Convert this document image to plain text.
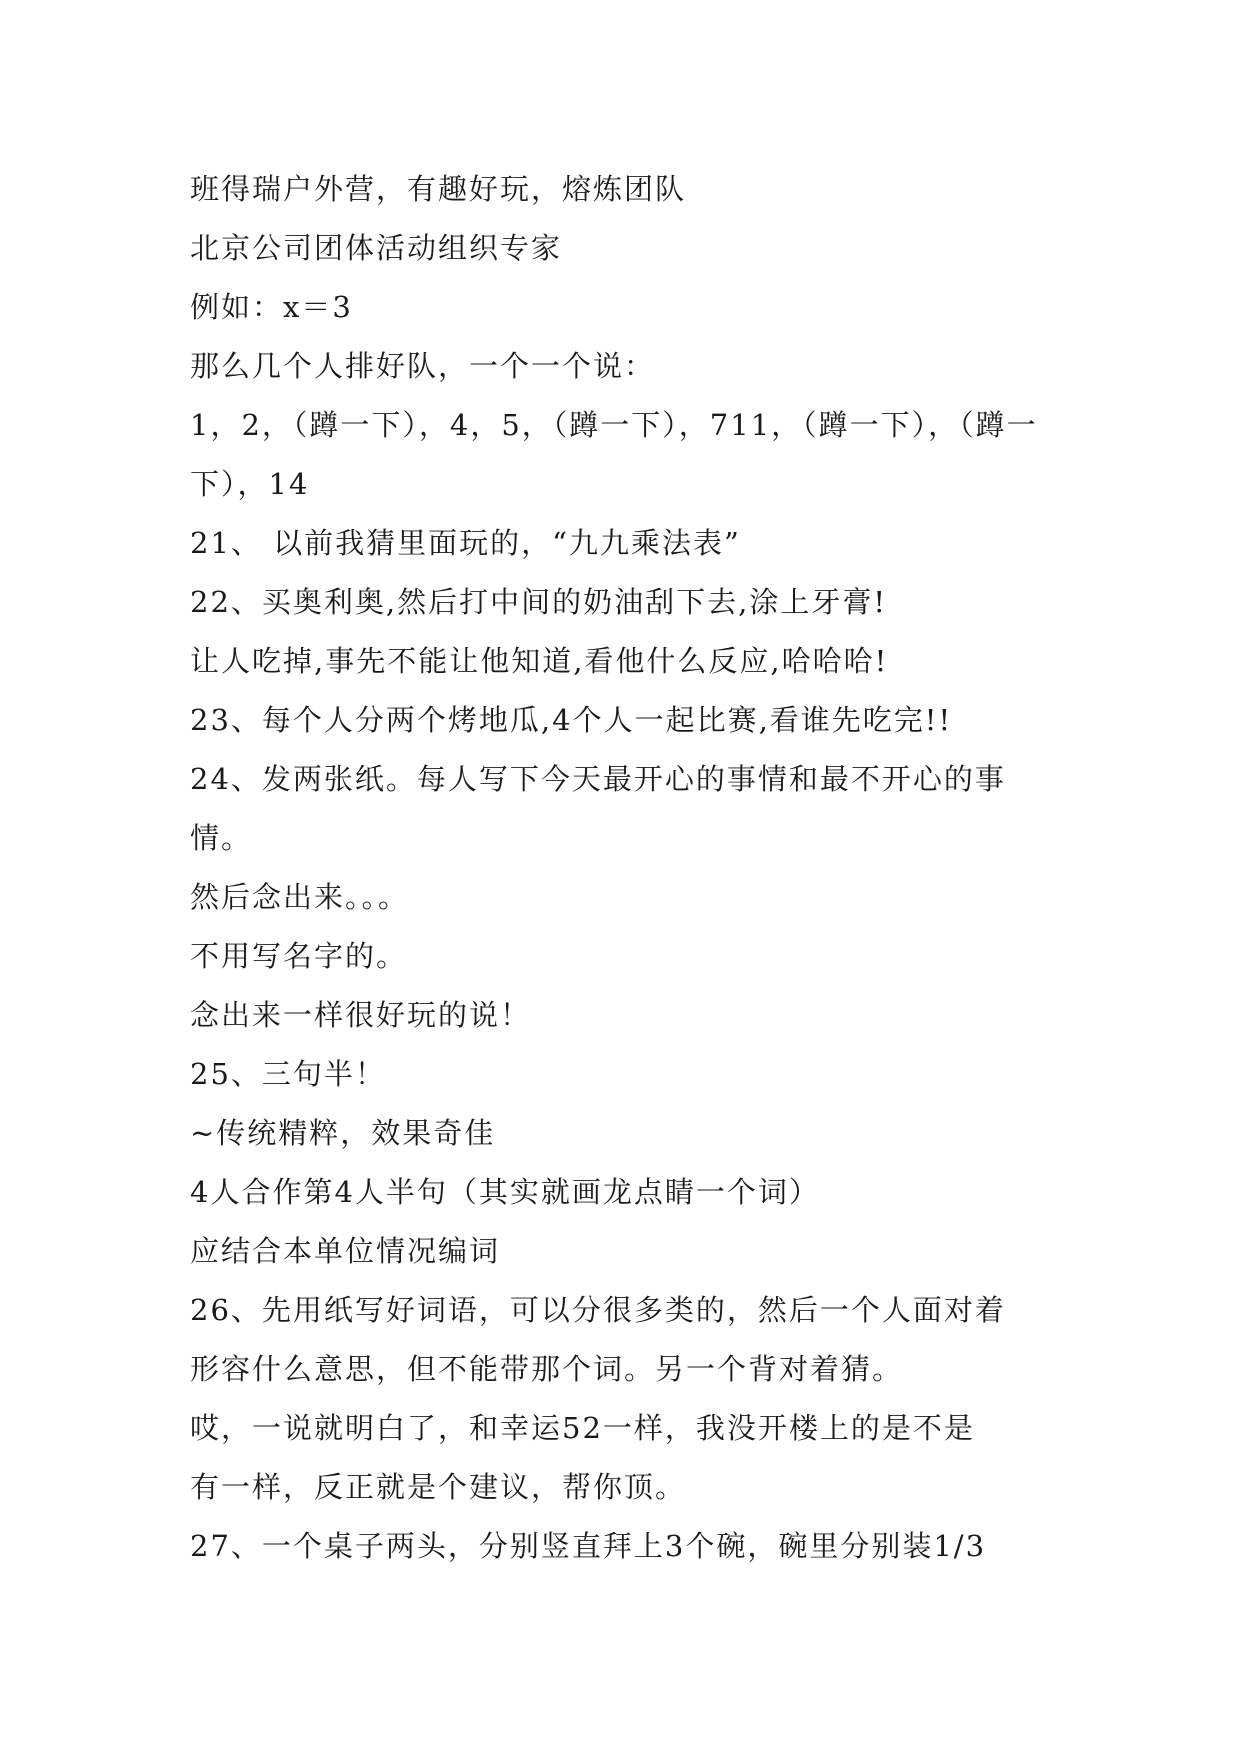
班得瑞户外营，有趣好玩，熔炼团队
北京公司团体活动组织专家
例如：x＝3
那么几个人排好队，一个一个说：
1，2，（蹲一下），4，5，（蹲一下），711，（蹲一下），（蹲一
下），14
21、 以前我猜里面玩的，“九九乘法表”
22、买奥利奥,然后打中间的奶油刮下去,涂上牙膏!
让人吃掉,事先不能让他知道,看他什么反应,哈哈哈!
23、每个人分两个烤地瓜,4个人一起比赛,看谁先吃完!!
24、发两张纸。每人写下今天最开心的事情和最不开心的事
情。
然后念出来。。。
不用写名字的。
念出来一样很好玩的说！
25、三句半！
~传统精粹，效果奇佳
4人合作第4人半句（其实就画龙点睛一个词）
应结合本单位情况编词
26、先用纸写好词语，可以分很多类的，然后一个人面对着
形容什么意思，但不能带那个词。另一个背对着猜。
哎，一说就明白了，和幸运52一样，我没开楼上的是不是
有一样，反正就是个建议，帮你顶。
27、一个桌子两头，分别竖直拜上3个碗，碗里分别装1/3
